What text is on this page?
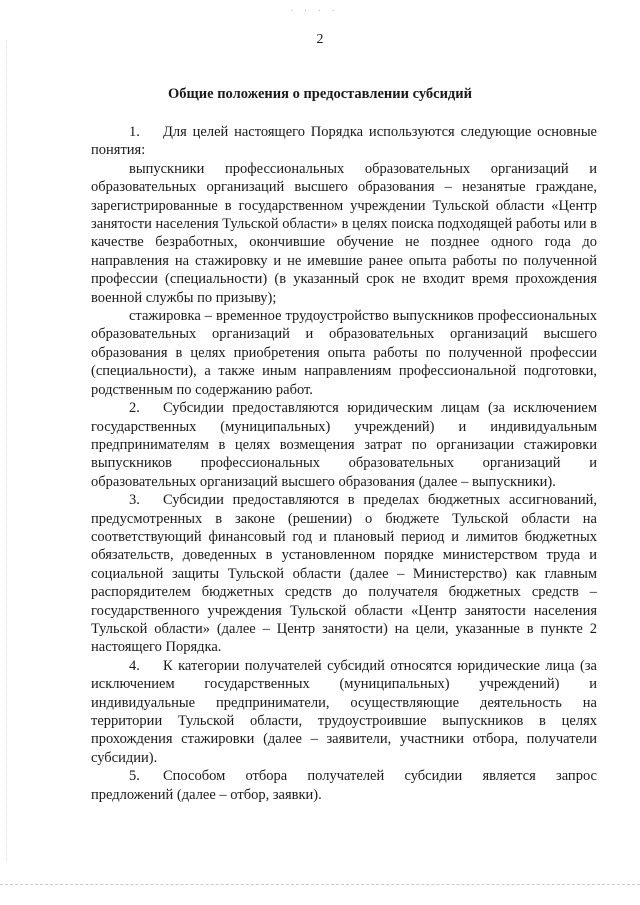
· · · ·
2
Общие положения о предоставлении субсидий

1. Для целей настоящего Порядка используются следующие основные понятия:

выпускники профессиональных образовательных организаций и образовательных организаций высшего образования – незанятые граждане, зарегистрированные в государственном учреждении Тульской области «Центр занятости населения Тульской области» в целях поиска подходящей работы или в качестве безработных, окончившие обучение не позднее одного года до направления на стажировку и не имевшие ранее опыта работы по полученной профессии (специальности) (в указанный срок не входит время прохождения военной службы по призыву);

стажировка – временное трудоустройство выпускников профессиональных образовательных организаций и образовательных организаций высшего образования в целях приобретения опыта работы по полученной профессии (специальности), а также иным направлениям профессиональной подготовки, родственным по содержанию работ.

2. Субсидии предоставляются юридическим лицам (за исключением государственных (муниципальных) учреждений) и индивидуальным предпринимателям в целях возмещения затрат по организации стажировки выпускников профессиональных образовательных организаций и образовательных организаций высшего образования (далее – выпускники).

3. Субсидии предоставляются в пределах бюджетных ассигнований, предусмотренных в законе (решении) о бюджете Тульской области на соответствующий финансовый год и плановый период и лимитов бюджетных обязательств, доведенных в установленном порядке министерством труда и социальной защиты Тульской области (далее – Министерство) как главным распорядителем бюджетных средств до получателя бюджетных средств – государственного учреждения Тульской области «Центр занятости населения Тульской области» (далее – Центр занятости) на цели, указанные в пункте 2 настоящего Порядка.

4. К категории получателей субсидий относятся юридические лица (за исключением государственных (муниципальных) учреждений) и индивидуальные предприниматели, осуществляющие деятельность на территории Тульской области, трудоустроившие выпускников в целях прохождения стажировки (далее – заявители, участники отбора, получатели субсидии).

5. Способом отбора получателей субсидии является запрос предложений (далее – отбор, заявки).
